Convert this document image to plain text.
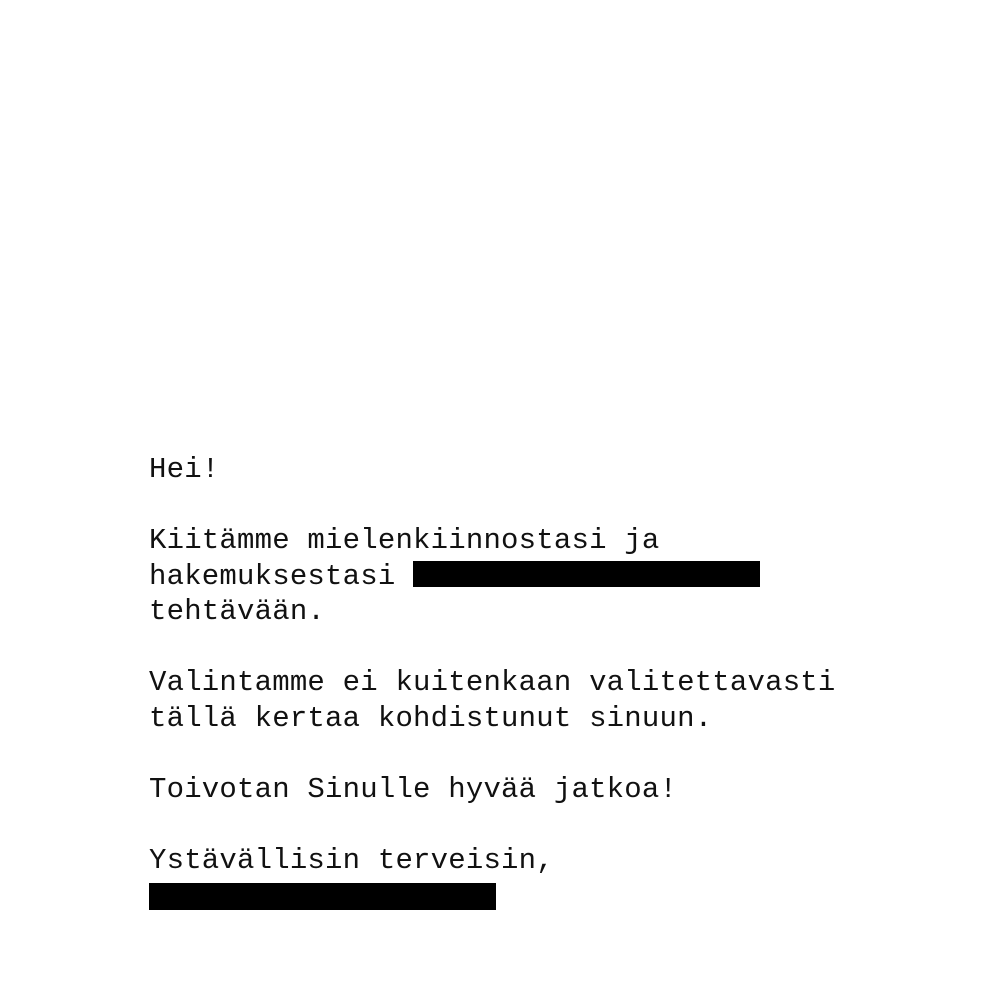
Hei!
Kiitämme mielenkiinnostasi ja
hakemuksestasi
tehtävään.
Valintamme ei kuitenkaan valitettavasti
tällä kertaa kohdistunut sinuun.
Toivotan Sinulle hyvää jatkoa!
Ystävällisin terveisin,
